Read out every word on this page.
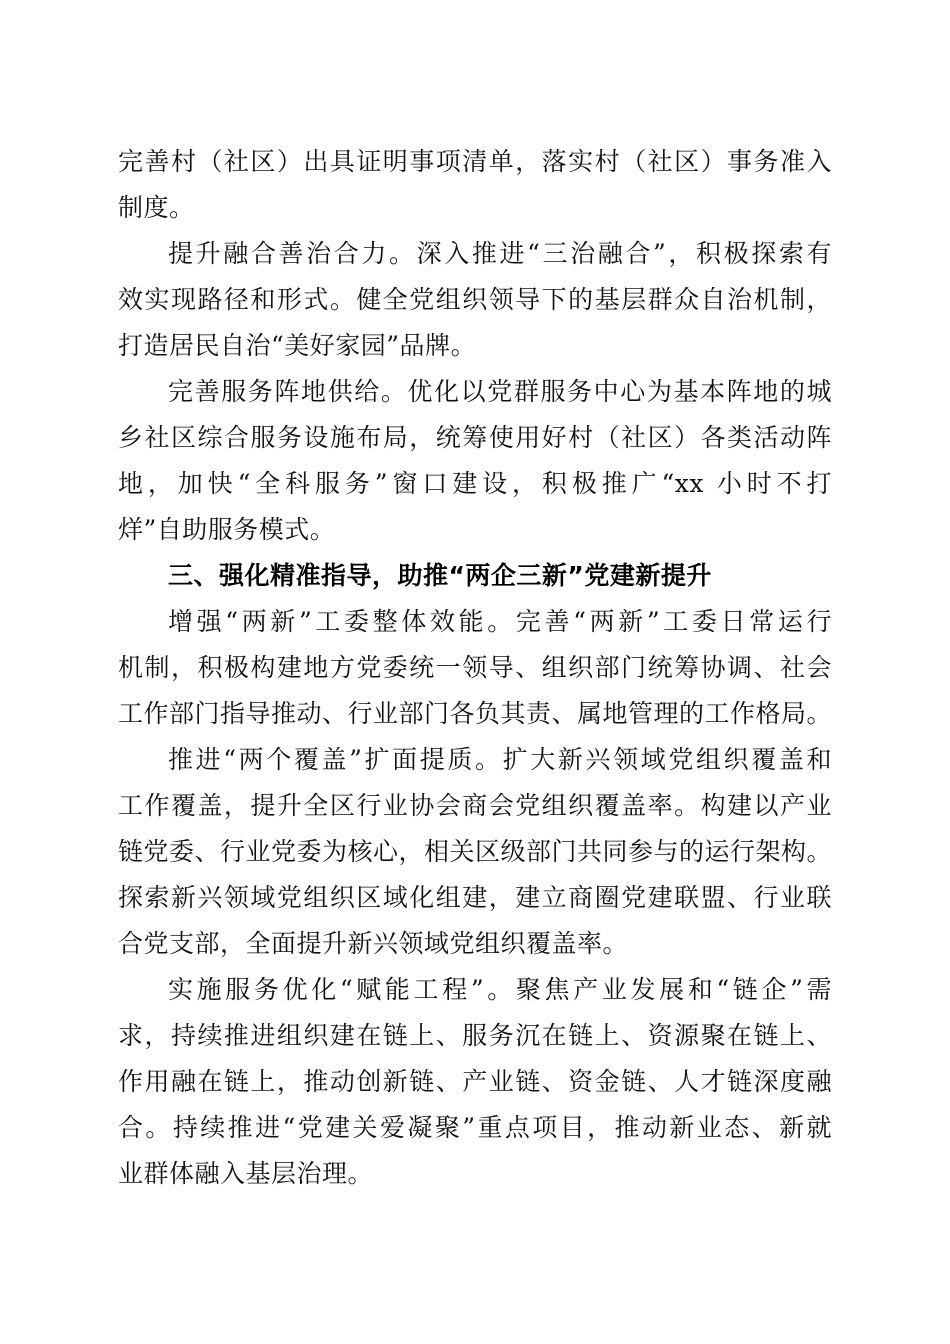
完善村（社区）出具证明事项清单，落实村（社区）事务准入
制度。
提升融合善治合力。深入推进“三治融合”，积极探索有
效实现路径和形式。健全党组织领导下的基层群众自治机制，
打造居民自治“美好家园”品牌。
完善服务阵地供给。优化以党群服务中心为基本阵地的城
乡社区综合服务设施布局，统筹使用好村（社区）各类活动阵
地，加快“全科服务”窗口建设，积极推广“xx 小时不打
烊”自助服务模式。
三、强化精准指导，助推“两企三新”党建新提升
增强“两新”工委整体效能。完善“两新”工委日常运行
机制，积极构建地方党委统一领导、组织部门统筹协调、社会
工作部门指导推动、行业部门各负其责、属地管理的工作格局。
推进“两个覆盖”扩面提质。扩大新兴领域党组织覆盖和
工作覆盖，提升全区行业协会商会党组织覆盖率。构建以产业
链党委、行业党委为核心，相关区级部门共同参与的运行架构。
探索新兴领域党组织区域化组建，建立商圈党建联盟、行业联
合党支部，全面提升新兴领域党组织覆盖率。
实施服务优化“赋能工程”。聚焦产业发展和“链企”需
求，持续推进组织建在链上、服务沉在链上、资源聚在链上、
作用融在链上，推动创新链、产业链、资金链、人才链深度融
合。持续推进“党建关爱凝聚”重点项目，推动新业态、新就
业群体融入基层治理。
